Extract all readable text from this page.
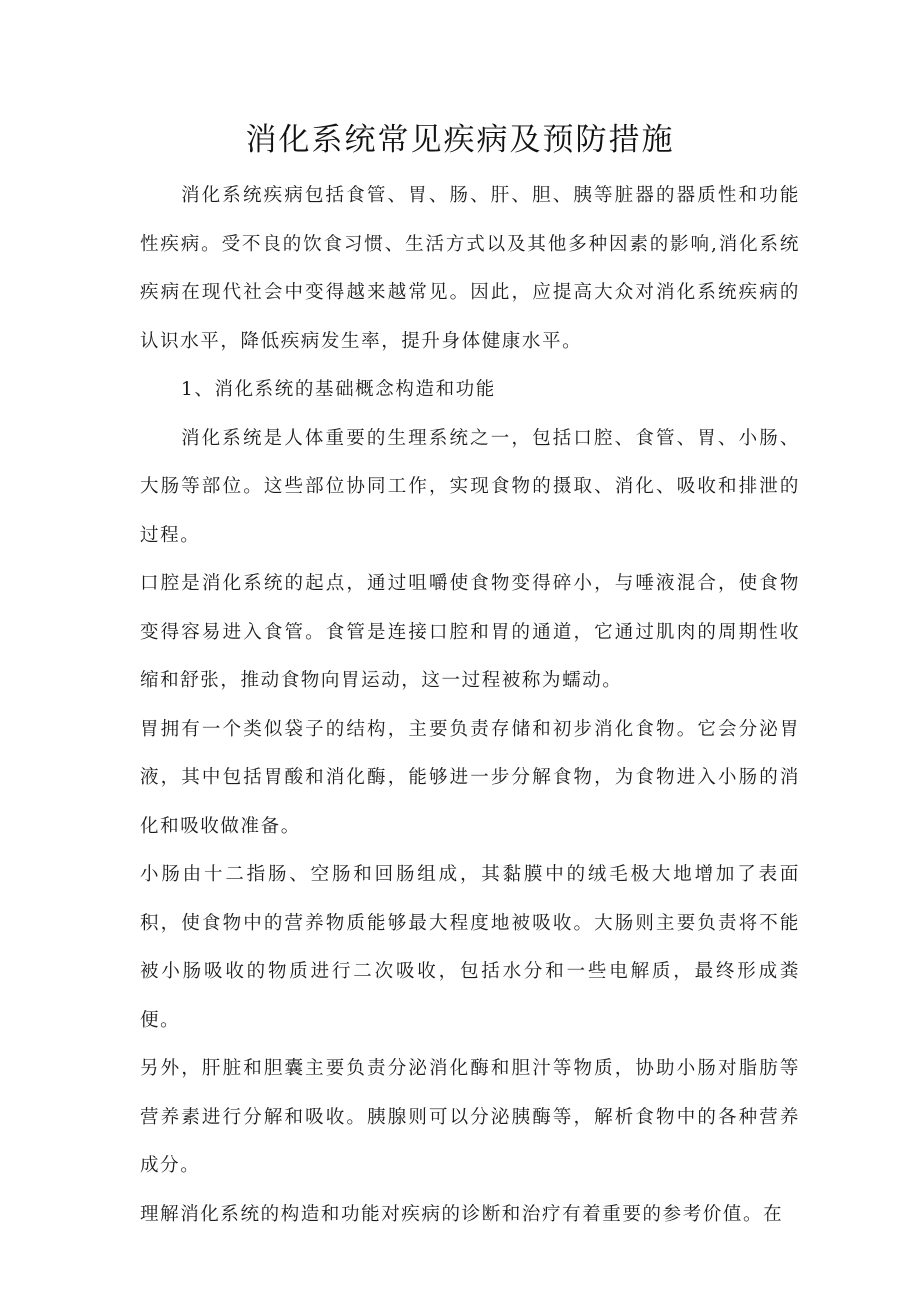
消化系统常见疾病及预防措施

消化系统疾病包括食管、胃、肠、肝、胆、胰等脏器的器质性和功能性疾病。受不良的饮食习惯、生活方式以及其他多种因素的影响,消化系统疾病在现代社会中变得越来越常见。因此，应提高大众对消化系统疾病的认识水平，降低疾病发生率，提升身体健康水平。

1、消化系统的基础概念构造和功能

消化系统是人体重要的生理系统之一，包括口腔、食管、胃、小肠、大肠等部位。这些部位协同工作，实现食物的摄取、消化、吸收和排泄的过程。

口腔是消化系统的起点，通过咀嚼使食物变得碎小，与唾液混合，使食物变得容易进入食管。食管是连接口腔和胃的通道，它通过肌肉的周期性收缩和舒张，推动食物向胃运动，这一过程被称为蠕动。

胃拥有一个类似袋子的结构，主要负责存储和初步消化食物。它会分泌胃液，其中包括胃酸和消化酶，能够进一步分解食物，为食物进入小肠的消化和吸收做准备。

小肠由十二指肠、空肠和回肠组成，其黏膜中的绒毛极大地增加了表面积，使食物中的营养物质能够最大程度地被吸收。大肠则主要负责将不能被小肠吸收的物质进行二次吸收，包括水分和一些电解质，最终形成粪便。

另外，肝脏和胆囊主要负责分泌消化酶和胆汁等物质，协助小肠对脂肪等营养素进行分解和吸收。胰腺则可以分泌胰酶等，解析食物中的各种营养成分。

理解消化系统的构造和功能对疾病的诊断和治疗有着重要的参考价值。在
